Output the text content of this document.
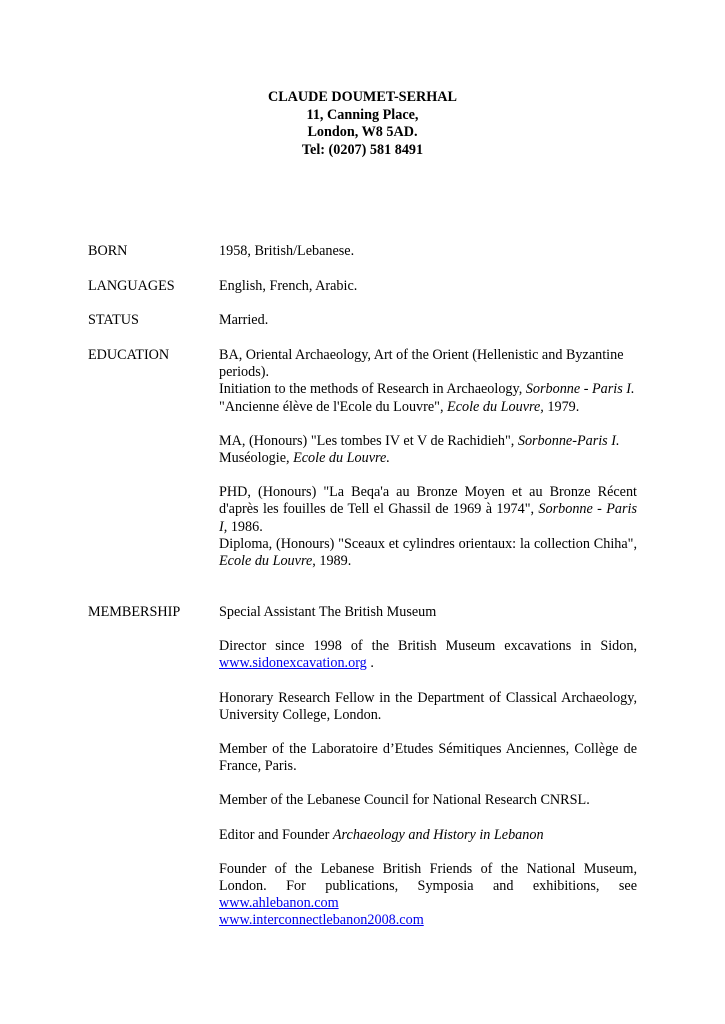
CLAUDE DOUMET-SERHAL
11, Canning Place,
London, W8 5AD.
Tel: (0207) 581 8491

BORN	1958, British/Lebanese.

LANGUAGES	English, French, Arabic.

STATUS	Married.

EDUCATION	BA, Oriental Archaeology, Art of the Orient (Hellenistic and Byzantine periods).

Initiation to the methods of Research in Archaeology, Sorbonne - Paris I.

"Ancienne élève de l'Ecole du Louvre", Ecole du Louvre, 1979.

MA, (Honours) "Les tombes IV et V de Rachidieh", Sorbonne-Paris I.

Muséologie, Ecole du Louvre.

PHD, (Honours) "La Beqa'a au Bronze Moyen et au Bronze Récent d'après les fouilles de Tell el Ghassil de 1969 à 1974", Sorbonne - Paris I, 1986.

Diploma, (Honours) "Sceaux et cylindres orientaux: la collection Chiha", Ecole du Louvre, 1989.

MEMBERSHIP	Special Assistant The British Museum

Director since 1998 of the British Museum excavations in Sidon, www.sidonexcavation.org .

Honorary Research Fellow in the Department of Classical Archaeology, University College, London.

Member of the Laboratoire d’Etudes Sémitiques Anciennes, Collège de France, Paris.

Member of the Lebanese Council for National Research CNRSL.

Editor and Founder Archaeology and History in Lebanon

Founder of the Lebanese British Friends of the National Museum,

London. For publications, Symposia and exhibitions, see

www.ahlebanon.com

www.interconnectlebanon2008.com
